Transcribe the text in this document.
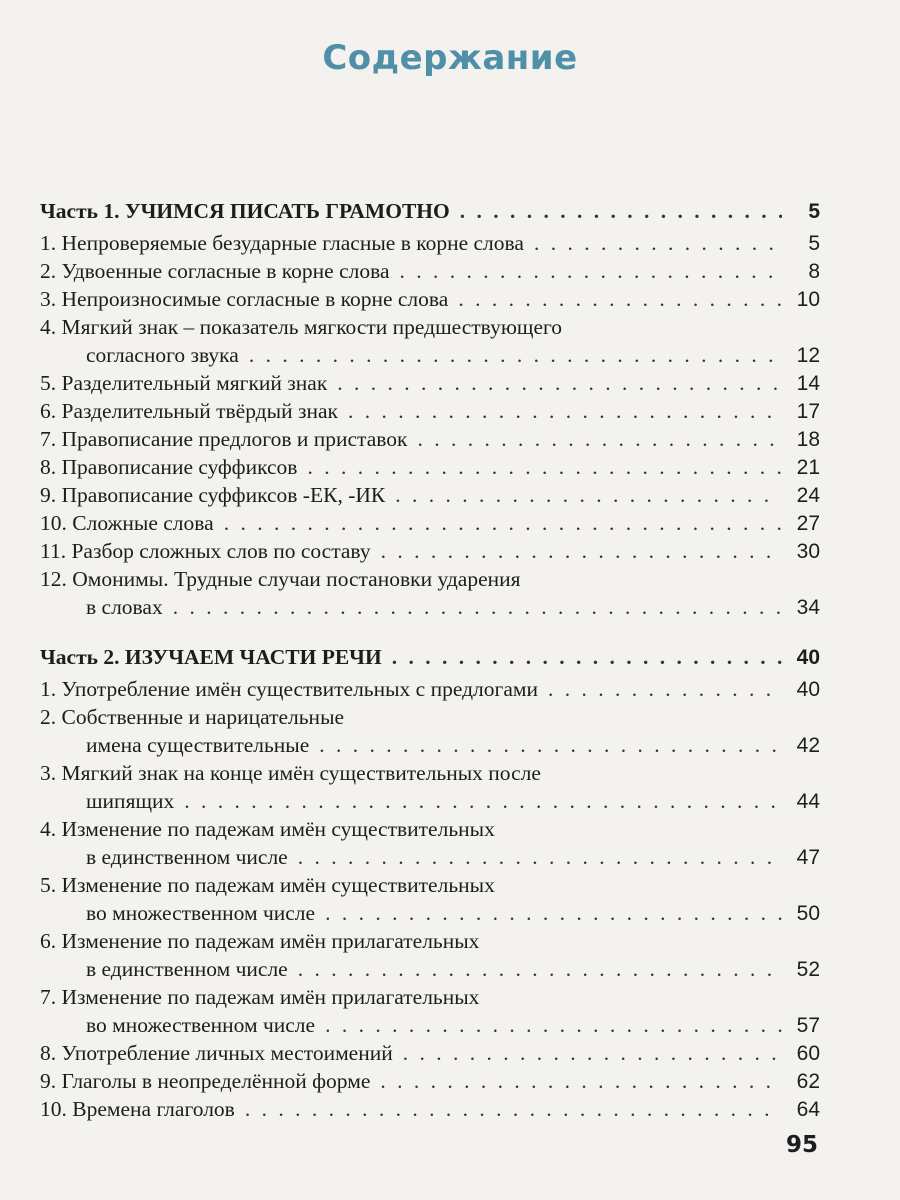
Содержание
Часть 1. УЧИМСЯ ПИСАТЬ ГРАМОТНО . . .	5
1. Непроверяемые безударные гласные в корне слова . . .	5
2. Удвоенные согласные в корне слова . . .	8
3. Непроизносимые согласные в корне слова . . .	10
4. Мягкий знак – показатель мягкости предшествующего
согласного звука . . .	12
5. Разделительный мягкий знак . . .	14
6. Разделительный твёрдый знак . . .	17
7. Правописание предлогов и приставок . . .	18
8. Правописание суффиксов . . .	21
9. Правописание суффиксов -ЕК, -ИК . . .	24
10. Сложные слова . . .	27
11. Разбор сложных слов по составу . . .	30
12. Омонимы. Трудные случаи постановки ударения
в словах . . .	34
Часть 2. ИЗУЧАЕМ ЧАСТИ РЕЧИ . . .	40
1. Употребление имён существительных с предлогами . . .	40
2. Собственные и нарицательные
имена существительные . . .	42
3. Мягкий знак на конце имён существительных после
шипящих . . .	44
4. Изменение по падежам имён существительных
в единственном числе . . .	47
5. Изменение по падежам имён существительных
во множественном числе . . .	50
6. Изменение по падежам имён прилагательных
в единственном числе . . .	52
7. Изменение по падежам имён прилагательных
во множественном числе . . .	57
8. Употребление личных местоимений . . .	60
9. Глаголы в неопределённой форме . . .	62
10. Времена глаголов . . .	64
95
